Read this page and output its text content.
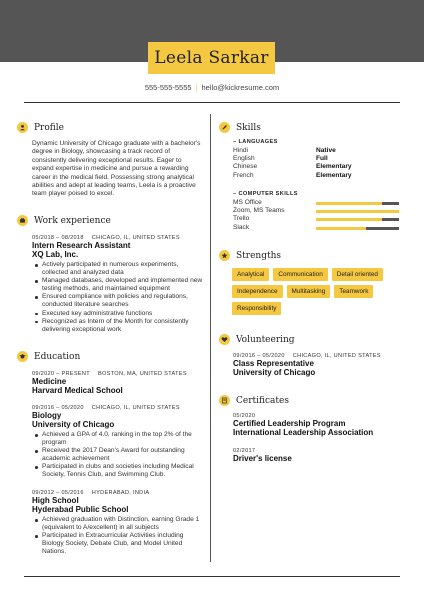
Leela Sarkar
555-555-5555 | hello@kickresume.com
Profile
Dynamic University of Chicago graduate with a bachelor's degree in Biology, showcasing a track record of consistently delivering exceptional results. Eager to expand expertise in medicine and pursue a rewarding career in the medical field. Possessing strong analytical abilities and adept at leading teams, Leela is a proactive team player poised to excel.
Work experience
05/2018 – 08/2018 CHICAGO, IL, UNITED STATES
Intern Research Assistant
XQ Lab, Inc.
Actively participated in numerous experiments, collected and analyzed data
Managed databases, developed and implemented new testing methods, and maintained equipment
Ensured compliance with policies and regulations, conducted literature searches
Executed key administrative functions
Recognized as Intern of the Month for consistently delivering exceptional work
Education
09/2020 – PRESENT BOSTON, MA, UNITED STATES
Medicine
Harvard Medical School
09/2016 – 05/2020 CHICAGO, IL, UNITED STATES
Biology
University of Chicago
Achieved a GPA of 4.0, ranking in the top 2% of the program
Received the 2017 Dean's Award for outstanding academic achievement
Participated in clubs and societies including Medical Society, Tennis Club, and Swimming Club.
09/2012 – 05/2016 HYDERABAD, INDIA
High School
Hyderabad Public School
Achieved graduation with Distinction, earning Grade 1 (equivalent to A/excellent) in all subjects
Participated in Extracurricular Activities including Biology Society, Debate Club, and Model United Nations.
Skills
– LANGUAGES
Hindi	Native
English	Full
Chinese	Elementary
French	Elementary
– COMPUTER SKILLS
MS Office
Zoom, MS Teams
Trello
Slack
Strengths
Analytical	Communication	Detail oriented
Independence	Multitasking	Teamwork
Responsibility
Volunteering
09/2016 – 05/2020 CHICAGO, IL, UNITED STATES
Class Representative
University of Chicago
Certificates
05/2020
Certified Leadership Program
International Leadership Association
02/2017
Driver's license
